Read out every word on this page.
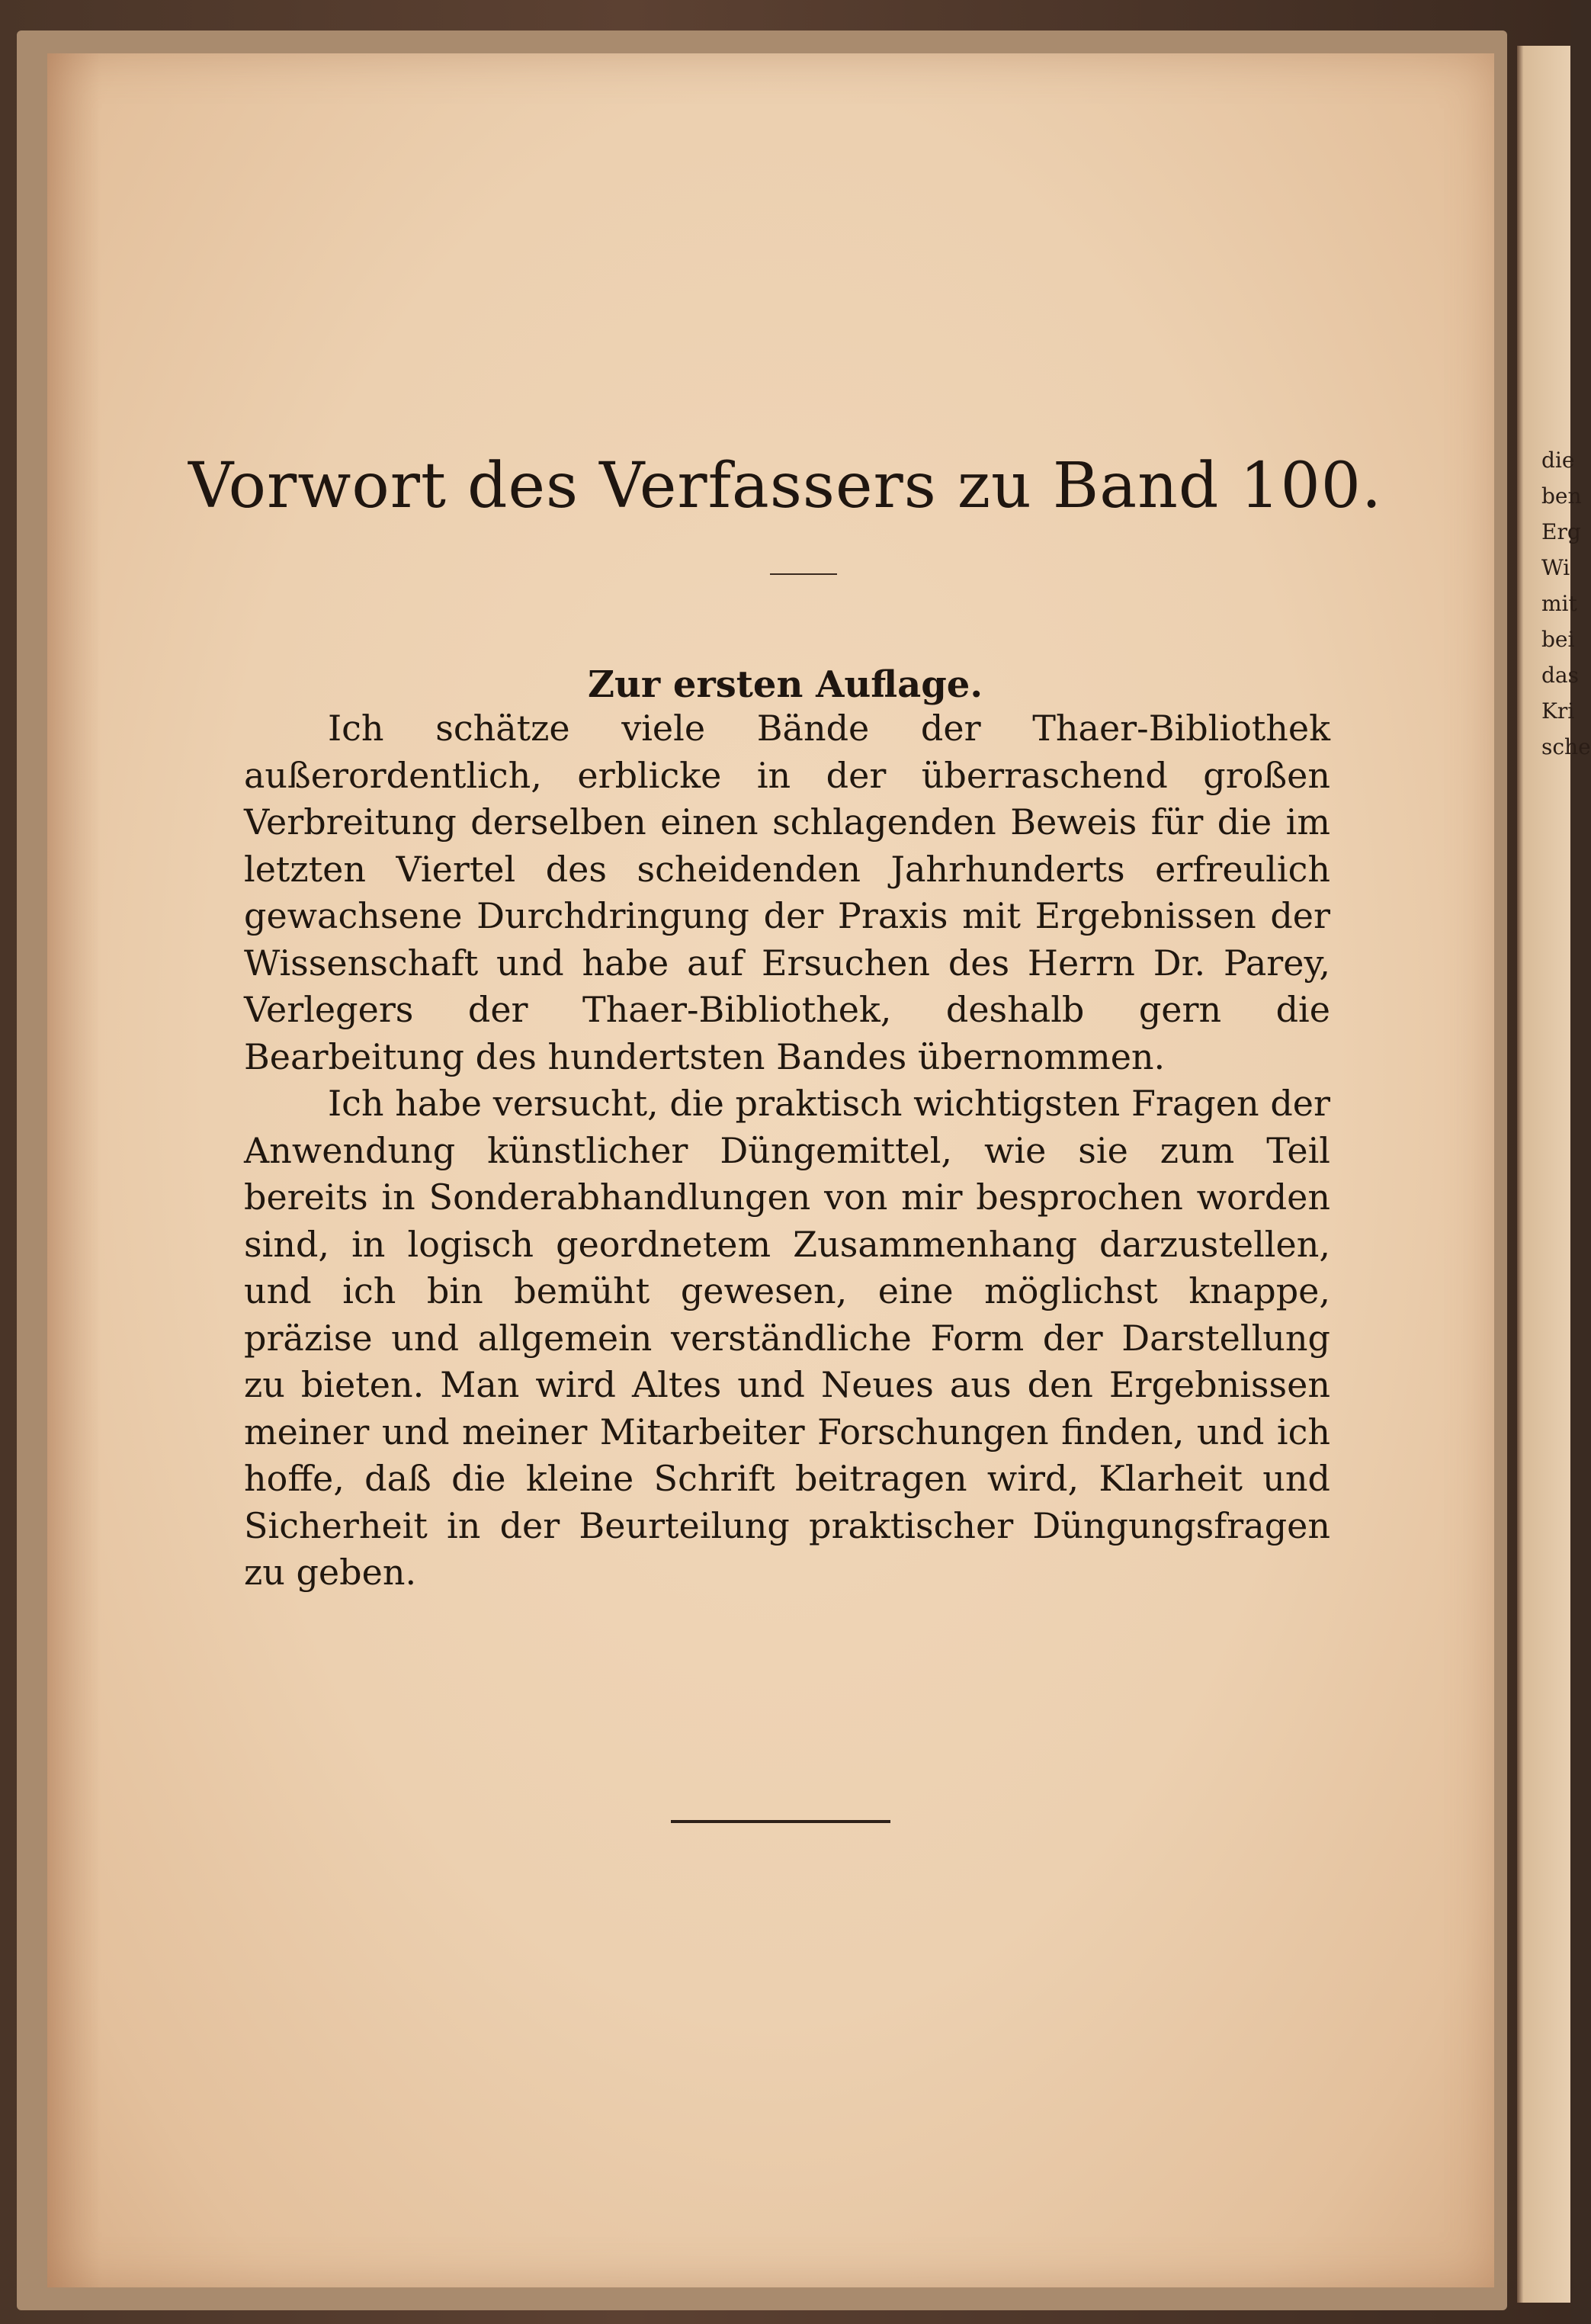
die
ben
Erg
Wi
mit
bei
das
Kri
sche
Vorwort des Verfassers zu Band 100.
Zur ersten Auflage.

Ich schätze viele Bände der Thaer-Bibliothek außerordentlich, erblicke in der überraschend großen Verbreitung derselben einen schlagenden Beweis für die im letzten Viertel des scheidenden Jahrhunderts erfreulich gewachsene Durchdringung der Praxis mit Ergebnissen der Wissenschaft und habe auf Ersuchen des Herrn Dr. Parey, Verlegers der Thaer-Bibliothek, deshalb gern die Bearbeitung des hundertsten Bandes übernommen.

Ich habe versucht, die praktisch wichtigsten Fragen der Anwendung künstlicher Düngemittel, wie sie zum Teil bereits in Sonderabhandlungen von mir besprochen worden sind, in logisch geordnetem Zusammenhang darzustellen, und ich bin bemüht gewesen, eine möglichst knappe, präzise und allgemein verständliche Form der Darstellung zu bieten. Man wird Altes und Neues aus den Ergebnissen meiner und meiner Mitarbeiter Forschungen finden, und ich hoffe, daß die kleine Schrift beitragen wird, Klarheit und Sicherheit in der Beurteilung praktischer Düngungsfragen zu geben.
